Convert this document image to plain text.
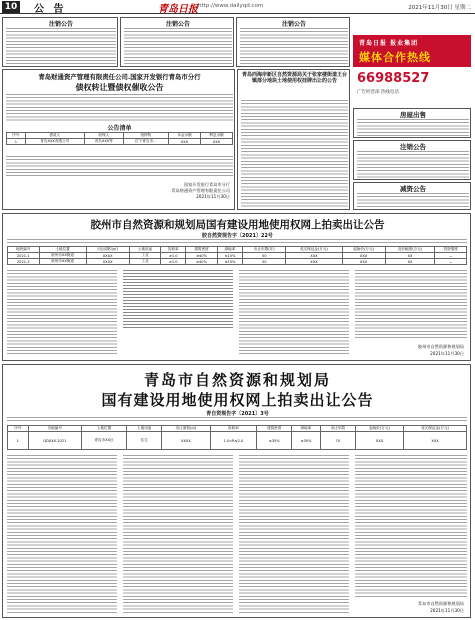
10 公 告	青岛日报 http://www.dailyqd.com	2021年11月30日 星期二
注销公告	注销公告	注销公告
青岛财通资产管理有限责任公司.国家开发银行青岛市分行
债权转让暨债权催收公告
公告清单
序号	借款人	担保人	抵押物	本金余额	利息余额
1	青岛XXX有限公司	青岛XXX等	位于青岛市...	XXX	XXX
国家开发银行青岛市分行
青岛财通资产管理有限责任公司
2021年11月30日
青岛西海岸新区自然资源局关于张家楼街道王台镇部分地块土地使用权挂牌出让的公告
青岛日报 报业集团
媒体合作热线
66988527
广告经营部 热线电话
房屋出售
注销公告
减资公告
胶州市自然资源和规划局国有建设用地使用权网上拍卖出让公告
胶自然资规告字〔2021〕22号
地块编号	土地位置	出让面积(㎡)	土地用途	容积率	建筑密度	绿地率	出让年限(年)	竞买保证金(万元)	起始价(万元)	竞价幅度(万元)	投资强度
2021-1	胶州市XX街道	XXXX	工业	≥1.0	≥40%	≤15%	50	XXX	XXX	XX	—
2021-2	胶州市XX街道	XXXX	工业	≥1.0	≥40%	≤15%	50	XXX	XXX	XX	—
胶州市自然资源和规划局
2021年11月30日
青岛市自然资源和规划局
国有建设用地使用权网上拍卖出让公告
青自资规告字〔2021〕3号
序号	宗地编号	土地位置	土地用途	出让面积(㎡)	容积率	建筑密度	绿地率	出让年限	起始价(万元)	竞买保证金(万元)
1	QDXXX-2021	青岛市XX区	住宅	XXXX	1.0<R≤2.0	≤35%	≥30%	70	XXX	XXX
青岛市自然资源和规划局
2021年11月30日
